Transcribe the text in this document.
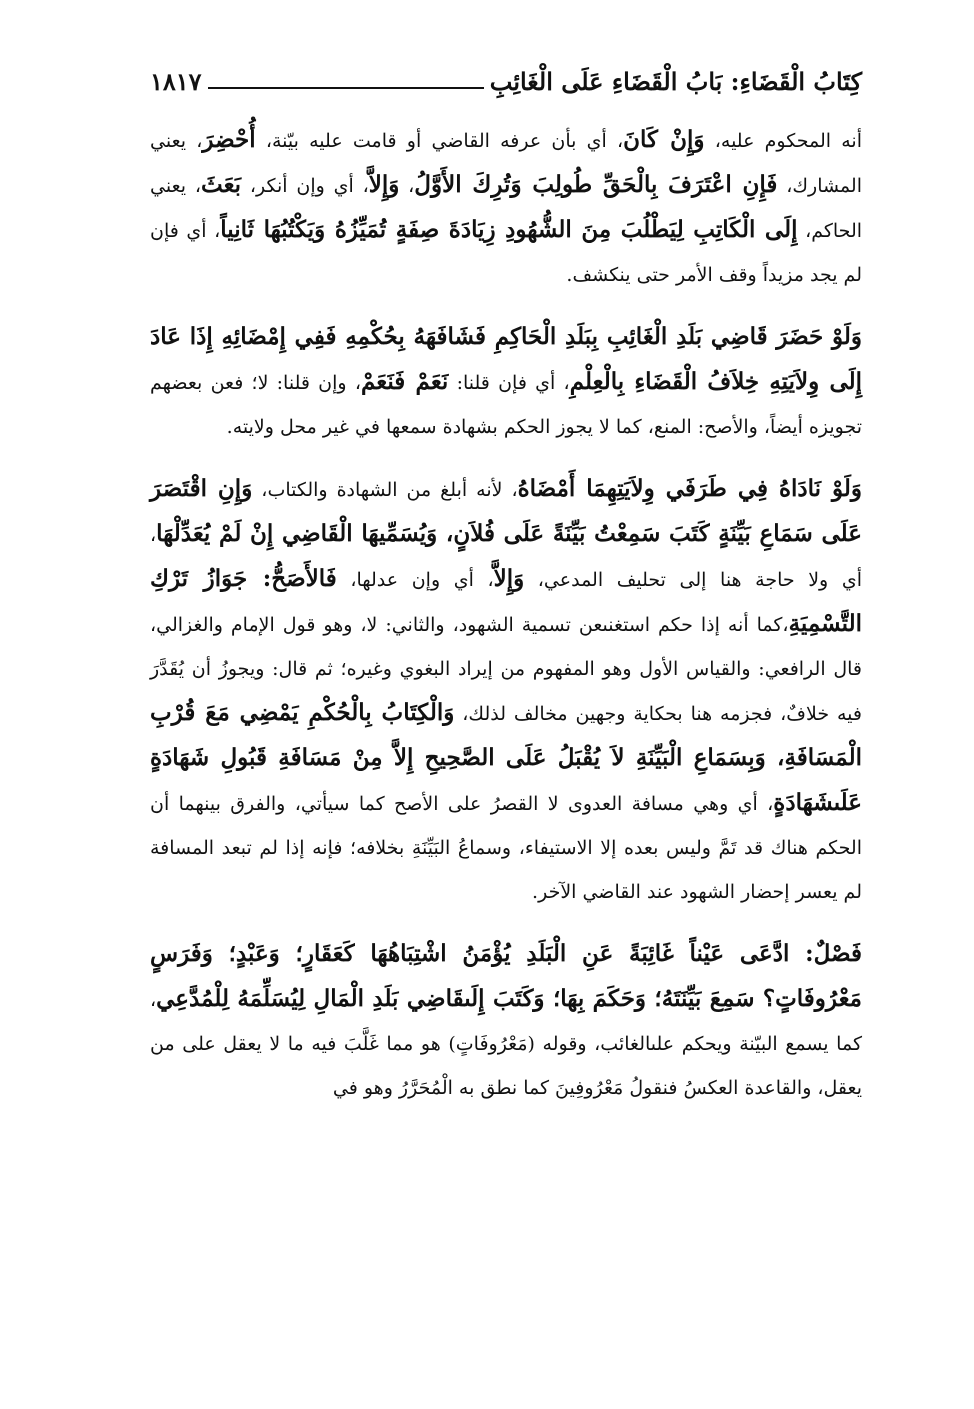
كِتَابُ الْقَضَاءِ: بَابُ الْقَضَاءِ عَلَى الْغَائِبِ
١٨١٧

أنه المحكوم عليه، وَإِنْ كَانَ، أي بأن عرفه القاضي أو قامت عليه بيّنة، أُحْضِرَ، يعني المشارك، فَإِنِ اعْتَرَفَ بِالْحَقِّ طُولِبَ وَتُرِكَ الأَوَّلُ، وَإِلاَّ، أي وإن أنكر، بَعَثَ، يعني الحاكم، إِلَى الْكَاتِبِ لِيَطْلُبَ مِنَ الشُّهُودِ زِيَادَةَ صِفَةٍ تُمَيِّزُهُ وَيَكْتُبُهَا ثَانِياً، أي فإن لم يجد مزيداً وقف الأمر حتى ينكشف.

وَلَوْ حَضَرَ قَاضِي بَلَدِ الْغَائِبِ بِبَلَدِ الْحَاكِمِ فَشَافَهَهُ بِحُكْمِهِ فَفِي إِمْضَائِهِ إِذَا عَادَ إِلَى وِلاَيَتِهِ خِلاَفُ الْقَضَاءِ بِالْعِلْمِ، أي فإن قلنا: نَعَمْ فَنَعَمْ، وإن قلنا: لا؛ فعن بعضهم تجويزه أيضاً، والأصح: المنع، كما لا يجوز الحكم بشهادة سمعها في غير محل ولايته.

وَلَوْ نَادَاهُ فِي طَرَفَي وِلاَيَتِهِمَا أَمْضَاهُ، لأنه أبلغ من الشهادة والكتاب، وَإِنِ اقْتَصَرَ عَلَى سَمَاعِ بَيِّنَةٍ كَتَبَ سَمِعْتُ بَيِّنَةً عَلَى فُلاَنٍ، وَيُسَمِّيهَا الْقَاضِي إِنْ لَمْ يُعَدِّلْهَا، أي ولا حاجة هنا إلى تحليف المدعي، وَإِلاَّ، أي وإن عدلها، فَالأَصَحُّ: جَوَازُ تَرْكِ التَّسْمِيَةِ،كما أنه إذا حكم استغنىعن تسمية الشهود، والثاني: لا، وهو قول الإمام والغزالي، قال الرافعي: والقياس الأول وهو المفهوم من إيراد البغوي وغيره؛ ثم قال: ويجوزُ أن يُقَدَّرَ فيه خلافٌ، فجزمه هنا بحكاية وجهين مخالف لذلك، وَالْكِتَابُ بِالْحُكْمِ يَمْضِي مَعَ قُرْبِ الْمَسَافَةِ، وَبِسَمَاعِ الْبَيِّنَةِ لاَ يُقْبَلُ عَلَى الصَّحِيحِ إِلاَّ مِنْ مَسَافَةِ قَبُولِ شَهَادَةٍ عَلَىشَهَادَةٍ، أي وهي مسافة العدوى لا القصرُ على الأصح كما سيأتي، والفرق بينهما أن الحكم هناك قد تَمَّ وليس بعده إلا الاستيفاء، وسماعُ البَيِّنَةِ بخلافه؛ فإنه إذا لم تبعد المسافة لم يعسر إحضار الشهود عند القاضي الآخر.

فَصْلٌ: ادَّعَى عَيْناً غَائِبَةً عَنِ الْبَلَدِ يُؤْمَنُ اشْتِبَاهُهَا كَعَقَارٍ؛ وَعَبْدٍ؛ وَفَرَسٍ مَعْرُوفَاتٍ؟ سَمِعَ بَيِّنَتَهُ؛ وَحَكَمَ بِهَا؛ وَكَتَبَ إِلَىقَاضِي بَلَدِ الْمَالِ لِيُسَلِّمَهُ لِلْمُدَّعِي، كما يسمع البيّنة ويحكم علىالغائب، وقوله (مَعْرُوفَاتٍ) هو مما غَلَّبَ فيه ما لا يعقل على من يعقل، والقاعدة العكسُ فنقولُ مَعْرُوفِينَ كما نطق به الْمُحَرَّرُ وهو في
